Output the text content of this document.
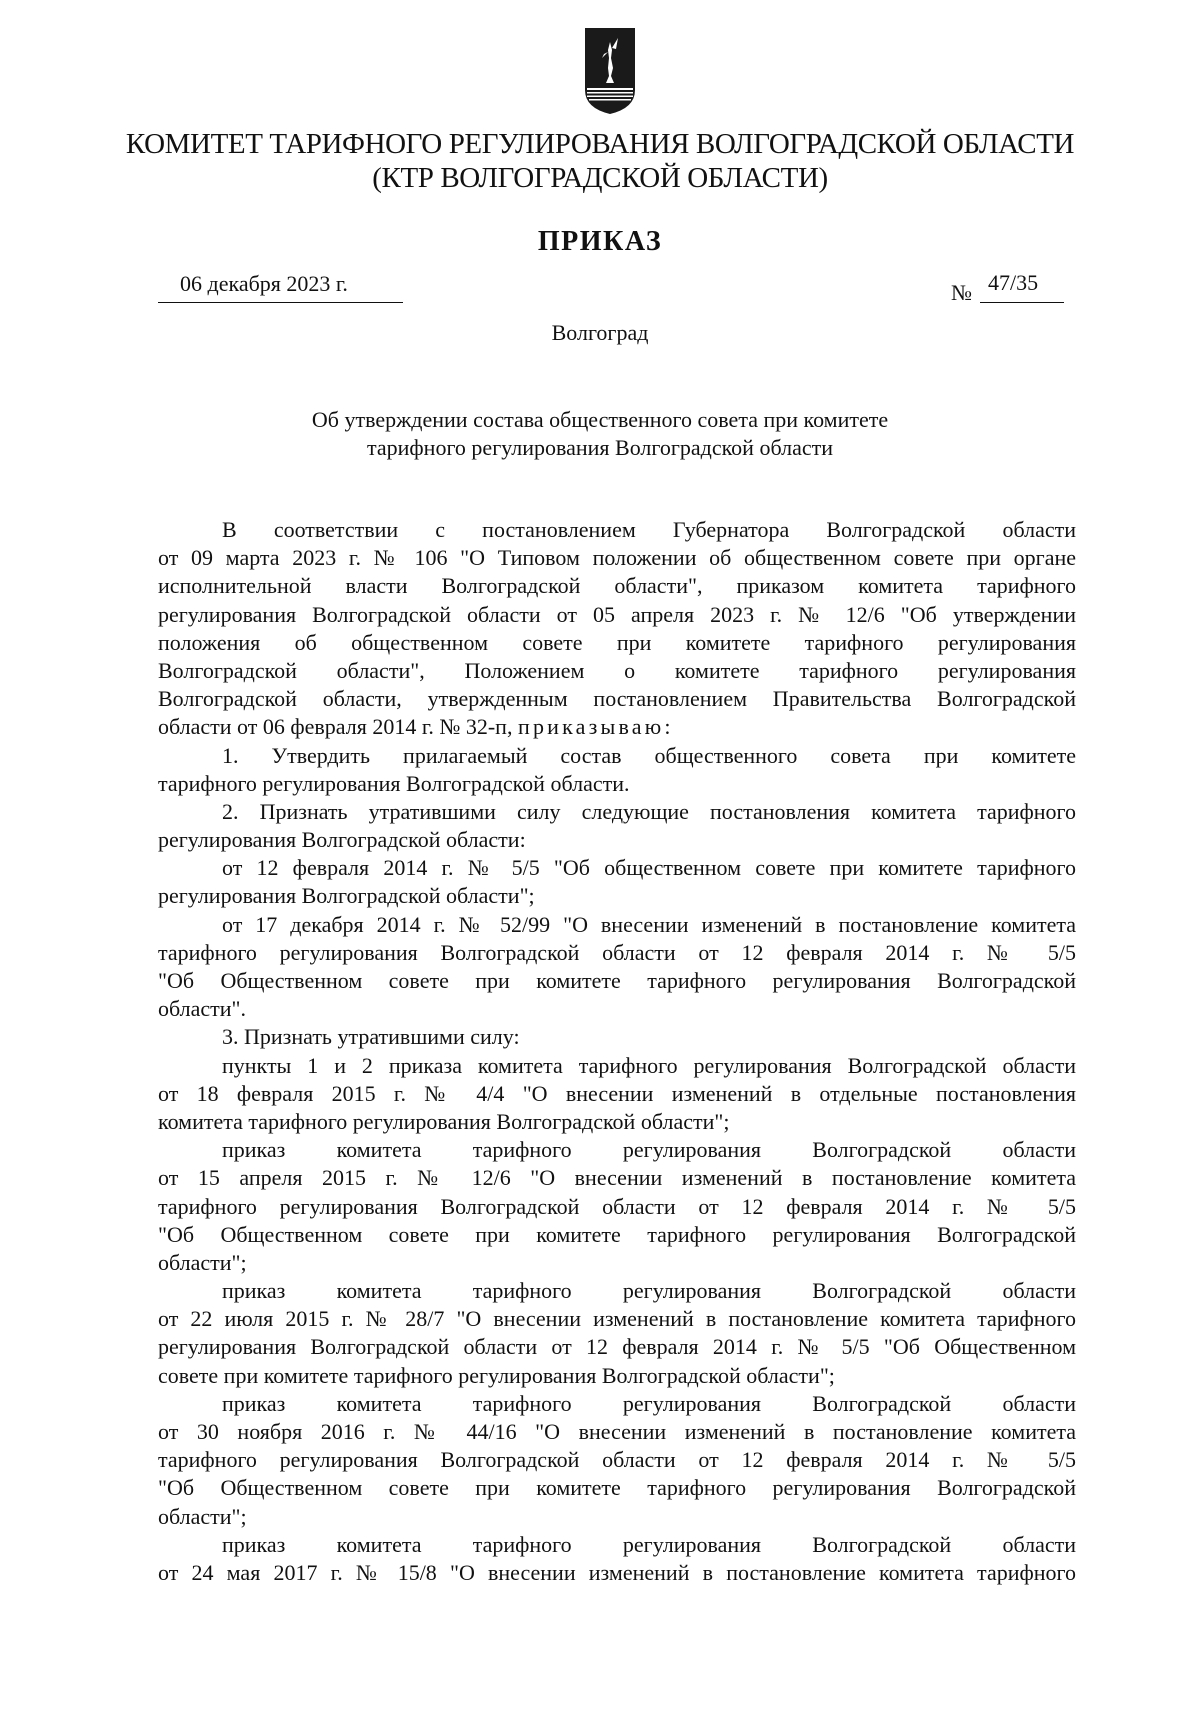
КОМИТЕТ ТАРИФНОГО РЕГУЛИРОВАНИЯ ВОЛГОГРАДСКОЙ ОБЛАСТИ
(КТР ВОЛГОГРАДСКОЙ ОБЛАСТИ)
ПРИКАЗ
06 декабря 2023 г.	№ 47/35
Волгоград
Об утверждении состава общественного совета при комитете
тарифного регулирования Волгоградской области
В соответствии с постановлением Губернатора Волгоградской области
от 09 марта 2023 г. № 106 "О Типовом положении об общественном совете при органе
исполнительной власти Волгоградской области", приказом комитета тарифного
регулирования Волгоградской области от 05 апреля 2023 г. № 12/6 "Об утверждении
положения об общественном совете при комитете тарифного регулирования
Волгоградской области", Положением о комитете тарифного регулирования
Волгоградской области, утвержденным постановлением Правительства Волгоградской
области от 06 февраля 2014 г. № 32-п, приказываю:
1. Утвердить прилагаемый состав общественного совета при комитете
тарифного регулирования Волгоградской области.
2. Признать утратившими силу следующие постановления комитета тарифного
регулирования Волгоградской области:
от 12 февраля 2014 г. № 5/5 "Об общественном совете при комитете тарифного
регулирования Волгоградской области";
от 17 декабря 2014 г. № 52/99 "О внесении изменений в постановление комитета
тарифного регулирования Волгоградской области от 12 февраля 2014 г. № 5/5
"Об Общественном совете при комитете тарифного регулирования Волгоградской
области".
3. Признать утратившими силу:
пункты 1 и 2 приказа комитета тарифного регулирования Волгоградской области
от 18 февраля 2015 г. № 4/4 "О внесении изменений в отдельные постановления
комитета тарифного регулирования Волгоградской области";
приказ комитета тарифного регулирования Волгоградской области
от 15 апреля 2015 г. № 12/6 "О внесении изменений в постановление комитета
тарифного регулирования Волгоградской области от 12 февраля 2014 г. № 5/5
"Об Общественном совете при комитете тарифного регулирования Волгоградской
области";
приказ комитета тарифного регулирования Волгоградской области
от 22 июля 2015 г. № 28/7 "О внесении изменений в постановление комитета тарифного
регулирования Волгоградской области от 12 февраля 2014 г. № 5/5 "Об Общественном
совете при комитете тарифного регулирования Волгоградской области";
приказ комитета тарифного регулирования Волгоградской области
от 30 ноября 2016 г. № 44/16 "О внесении изменений в постановление комитета
тарифного регулирования Волгоградской области от 12 февраля 2014 г. № 5/5
"Об Общественном совете при комитете тарифного регулирования Волгоградской
области";
приказ комитета тарифного регулирования Волгоградской области
от 24 мая 2017 г. № 15/8 "О внесении изменений в постановление комитета тарифного
